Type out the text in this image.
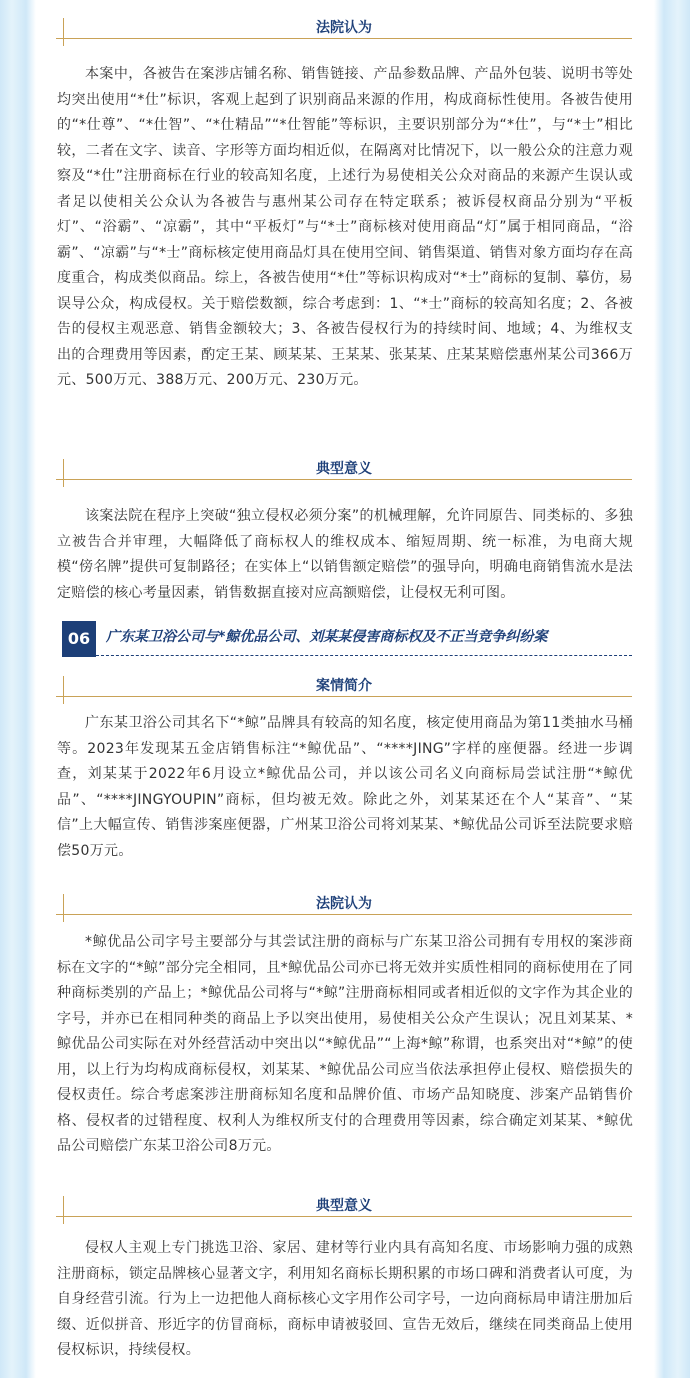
法院认为

本案中，各被告在案涉店铺名称、销售链接、产品参数品牌、产品外包装、说明书等处均突出使用“*仕”标识，客观上起到了识别商品来源的作用，构成商标性使用。各被告使用的“*仕尊”、“*仕智”、“*仕精品”“*仕智能”等标识，主要识别部分为“*仕”，与“*士”相比较，二者在文字、读音、字形等方面均相近似，在隔离对比情况下，以一般公众的注意力观察及“*仕”注册商标在行业的较高知名度，上述行为易使相关公众对商品的来源产生误认或者足以使相关公众认为各被告与惠州某公司存在特定联系；被诉侵权商品分别为“平板灯”、“浴霸”、“凉霸”，其中“平板灯”与“*士”商标核对使用商品“灯”属于相同商品，“浴霸”、“凉霸”与“*士”商标核定使用商品灯具在使用空间、销售渠道、销售对象方面均存在高度重合，构成类似商品。综上，各被告使用“*仕”等标识构成对“*士”商标的复制、摹仿，易误导公众，构成侵权。关于赔偿数额，综合考虑到：1、“*士”商标的较高知名度；2、各被告的侵权主观恶意、销售金额较大；3、各被告侵权行为的持续时间、地域；4、为维权支出的合理费用等因素，酌定王某、顾某某、王某某、张某某、庄某某赔偿惠州某公司366万元、500万元、388万元、200万元、230万元。

典型意义

该案法院在程序上突破“独立侵权必须分案”的机械理解，允许同原告、同类标的、多独立被告合并审理，大幅降低了商标权人的维权成本、缩短周期、统一标准，为电商大规模“傍名牌”提供可复制路径；在实体上“以销售额定赔偿”的强导向，明确电商销售流水是法定赔偿的核心考量因素，销售数据直接对应高额赔偿，让侵权无利可图。

06	广东某卫浴公司与*鲸优品公司、刘某某侵害商标权及不正当竞争纠纷案
案情简介

广东某卫浴公司其名下“*鲸”品牌具有较高的知名度，核定使用商品为第11类抽水马桶等。2023年发现某五金店销售标注“*鲸优品”、“****JING”字样的座便器。经进一步调查，刘某某于2022年6月设立*鲸优品公司，并以该公司名义向商标局尝试注册“*鲸优品”、“****JINGYOUPIN”商标，但均被无效。除此之外，刘某某还在个人“某音”、“某信”上大幅宣传、销售涉案座便器，广州某卫浴公司将刘某某、*鲸优品公司诉至法院要求赔偿50万元。

法院认为

*鲸优品公司字号主要部分与其尝试注册的商标与广东某卫浴公司拥有专用权的案涉商标在文字的“*鲸”部分完全相同，且*鲸优品公司亦已将无效并实质性相同的商标使用在了同种商标类别的产品上；*鲸优品公司将与“*鲸”注册商标相同或者相近似的文字作为其企业的字号，并亦已在相同种类的商品上予以突出使用，易使相关公众产生误认；况且刘某某、*鲸优品公司实际在对外经营活动中突出以“*鲸优品”“上海*鲸”称谓，也系突出对“*鲸”的使用，以上行为均构成商标侵权，刘某某、*鲸优品公司应当依法承担停止侵权、赔偿损失的侵权责任。综合考虑案涉注册商标知名度和品牌价值、市场产品知晓度、涉案产品销售价格、侵权者的过错程度、权利人为维权所支付的合理费用等因素，综合确定刘某某、*鲸优品公司赔偿广东某卫浴公司8万元。

典型意义

侵权人主观上专门挑选卫浴、家居、建材等行业内具有高知名度、市场影响力强的成熟注册商标，锁定品牌核心显著文字，利用知名商标长期积累的市场口碑和消费者认可度，为自身经营引流。行为上一边把他人商标核心文字用作公司字号，一边向商标局申请注册加后缀、近似拼音、形近字的仿冒商标，商标申请被驳回、宣告无效后，继续在同类商品上使用侵权标识，持续侵权。
